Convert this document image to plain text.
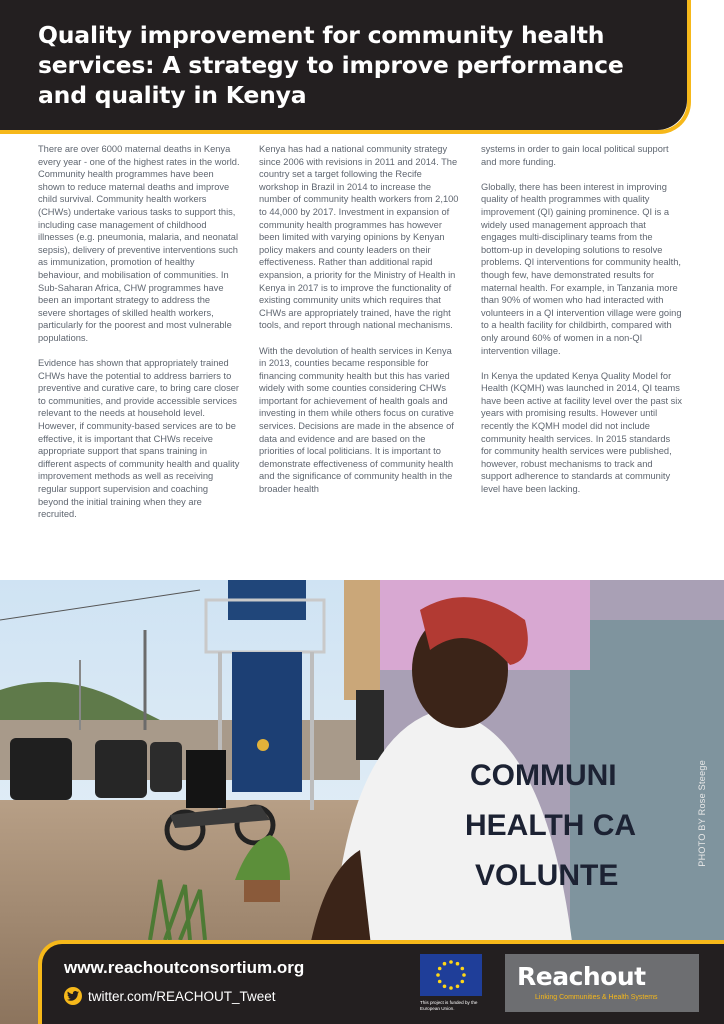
Quality improvement for community health services: A strategy to improve performance and quality in Kenya

There are over 6000 maternal deaths in Kenya every year - one of the highest rates in the world. Community health programmes have been shown to reduce maternal deaths and improve child survival. Community health workers (CHWs) undertake various tasks to support this, including case management of childhood illnesses (e.g. pneumonia, malaria, and neonatal sepsis), delivery of preventive interventions such as immunization, promotion of healthy behaviour, and mobilisation of communities. In Sub-Saharan Africa, CHW programmes have been an important strategy to address the severe shortages of skilled health workers, particularly for the poorest and most vulnerable populations.

Evidence has shown that appropriately trained CHWs have the potential to address barriers to preventive and curative care, to bring care closer to communities, and provide accessible services relevant to the needs at household level. However, if community-based services are to be effective, it is important that CHWs receive appropriate support that spans training in different aspects of community health and quality improvement methods as well as receiving regular support supervision and coaching beyond the initial training when they are recruited.

Kenya has had a national community strategy since 2006 with revisions in 2011 and 2014. The country set a target following the Recife workshop in Brazil in 2014 to increase the number of community health workers from 2,100 to 44,000 by 2017. Investment in expansion of community health programmes has however been limited with varying opinions by Kenyan policy makers and county leaders on their effectiveness. Rather than additional rapid expansion, a priority for the Ministry of Health in Kenya in 2017 is to improve the functionality of existing community units which requires that CHWs are appropriately trained, have the right tools, and report through national mechanisms.

With the devolution of health services in Kenya in 2013, counties became responsible for financing community health but this has varied widely with some counties considering CHWs important for achievement of health goals and investing in them while others focus on curative services. Decisions are made in the absence of data and evidence and are based on the priorities of local politicians. It is important to demonstrate effectiveness of community health and the significance of community health in the broader health

systems in order to gain local political support and more funding.

Globally, there has been interest in improving quality of health programmes with quality improvement (QI) gaining prominence. QI is a widely used management approach that engages multi-disciplinary teams from the bottom-up in developing solutions to resolve problems. QI interventions for community health, though few, have demonstrated results for maternal health. For example, in Tanzania more than 90% of women who had interacted with volunteers in a QI intervention village were going to a health facility for childbirth, compared with only around 60% of women in a non-QI intervention village.

In Kenya the updated Kenya Quality Model for Health (KQMH) was launched in 2014, QI teams have been active at facility level over the past six years with promising results. However until recently the KQMH model did not include community health services. In 2015 standards for community health services were published, however, robust mechanisms to track and support adherence to standards at community level have been lacking.

COMMUNI
HEALTH CA
VOLUNTE
PHOTO BY Rose Steege
www.reachoutconsortium.org
twitter.com/REACHOUT_Tweet	This project is funded by the European Union.
Reachout
Linking Communities & Health Systems
